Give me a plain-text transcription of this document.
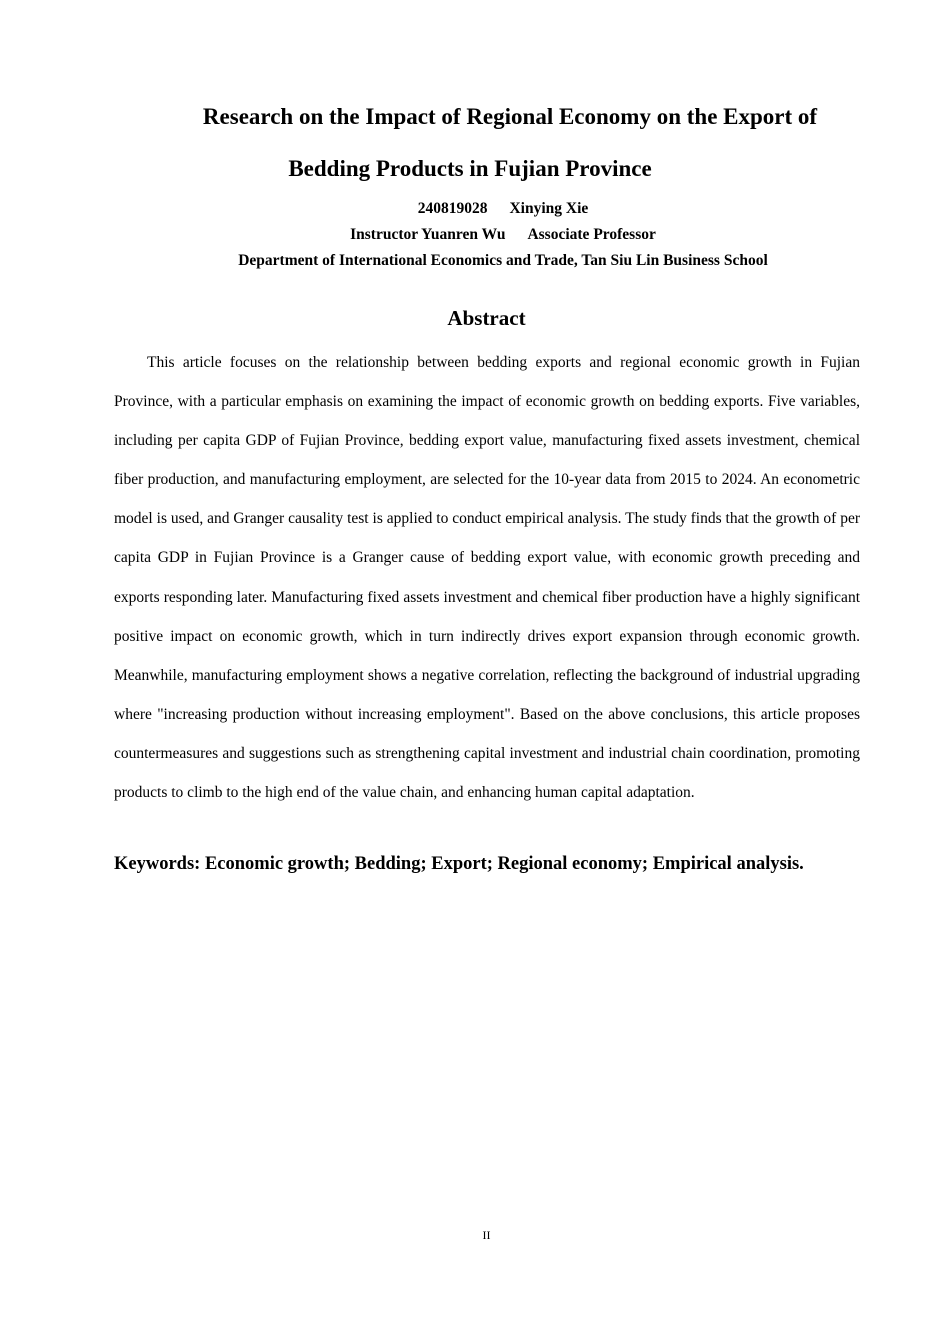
Research on the Impact of Regional Economy on the Export of
Bedding Products in Fujian Province
240819028 Xinying Xie
Instructor Yuanren Wu Associate Professor
Department of International Economics and Trade, Tan Siu Lin Business School
Abstract

This article focuses on the relationship between bedding exports and regional economic growth in Fujian Province, with a particular emphasis on examining the impact of economic growth on bedding exports. Five variables, including per capita GDP of Fujian Province, bedding export value, manufacturing fixed assets investment, chemical fiber production, and manufacturing employment, are selected for the 10-year data from 2015 to 2024. An econometric model is used, and Granger causality test is applied to conduct empirical analysis. The study finds that the growth of per capita GDP in Fujian Province is a Granger cause of bedding export value, with economic growth preceding and exports responding later. Manufacturing fixed assets investment and chemical fiber production have a highly significant positive impact on economic growth, which in turn indirectly drives export expansion through economic growth. Meanwhile, manufacturing employment shows a negative correlation, reflecting the background of industrial upgrading where "increasing production without increasing employment". Based on the above conclusions, this article proposes countermeasures and suggestions such as strengthening capital investment and industrial chain coordination, promoting products to climb to the high end of the value chain, and enhancing human capital adaptation.

Keywords: Economic growth; Bedding; Export; Regional economy; Empirical analysis.

II
